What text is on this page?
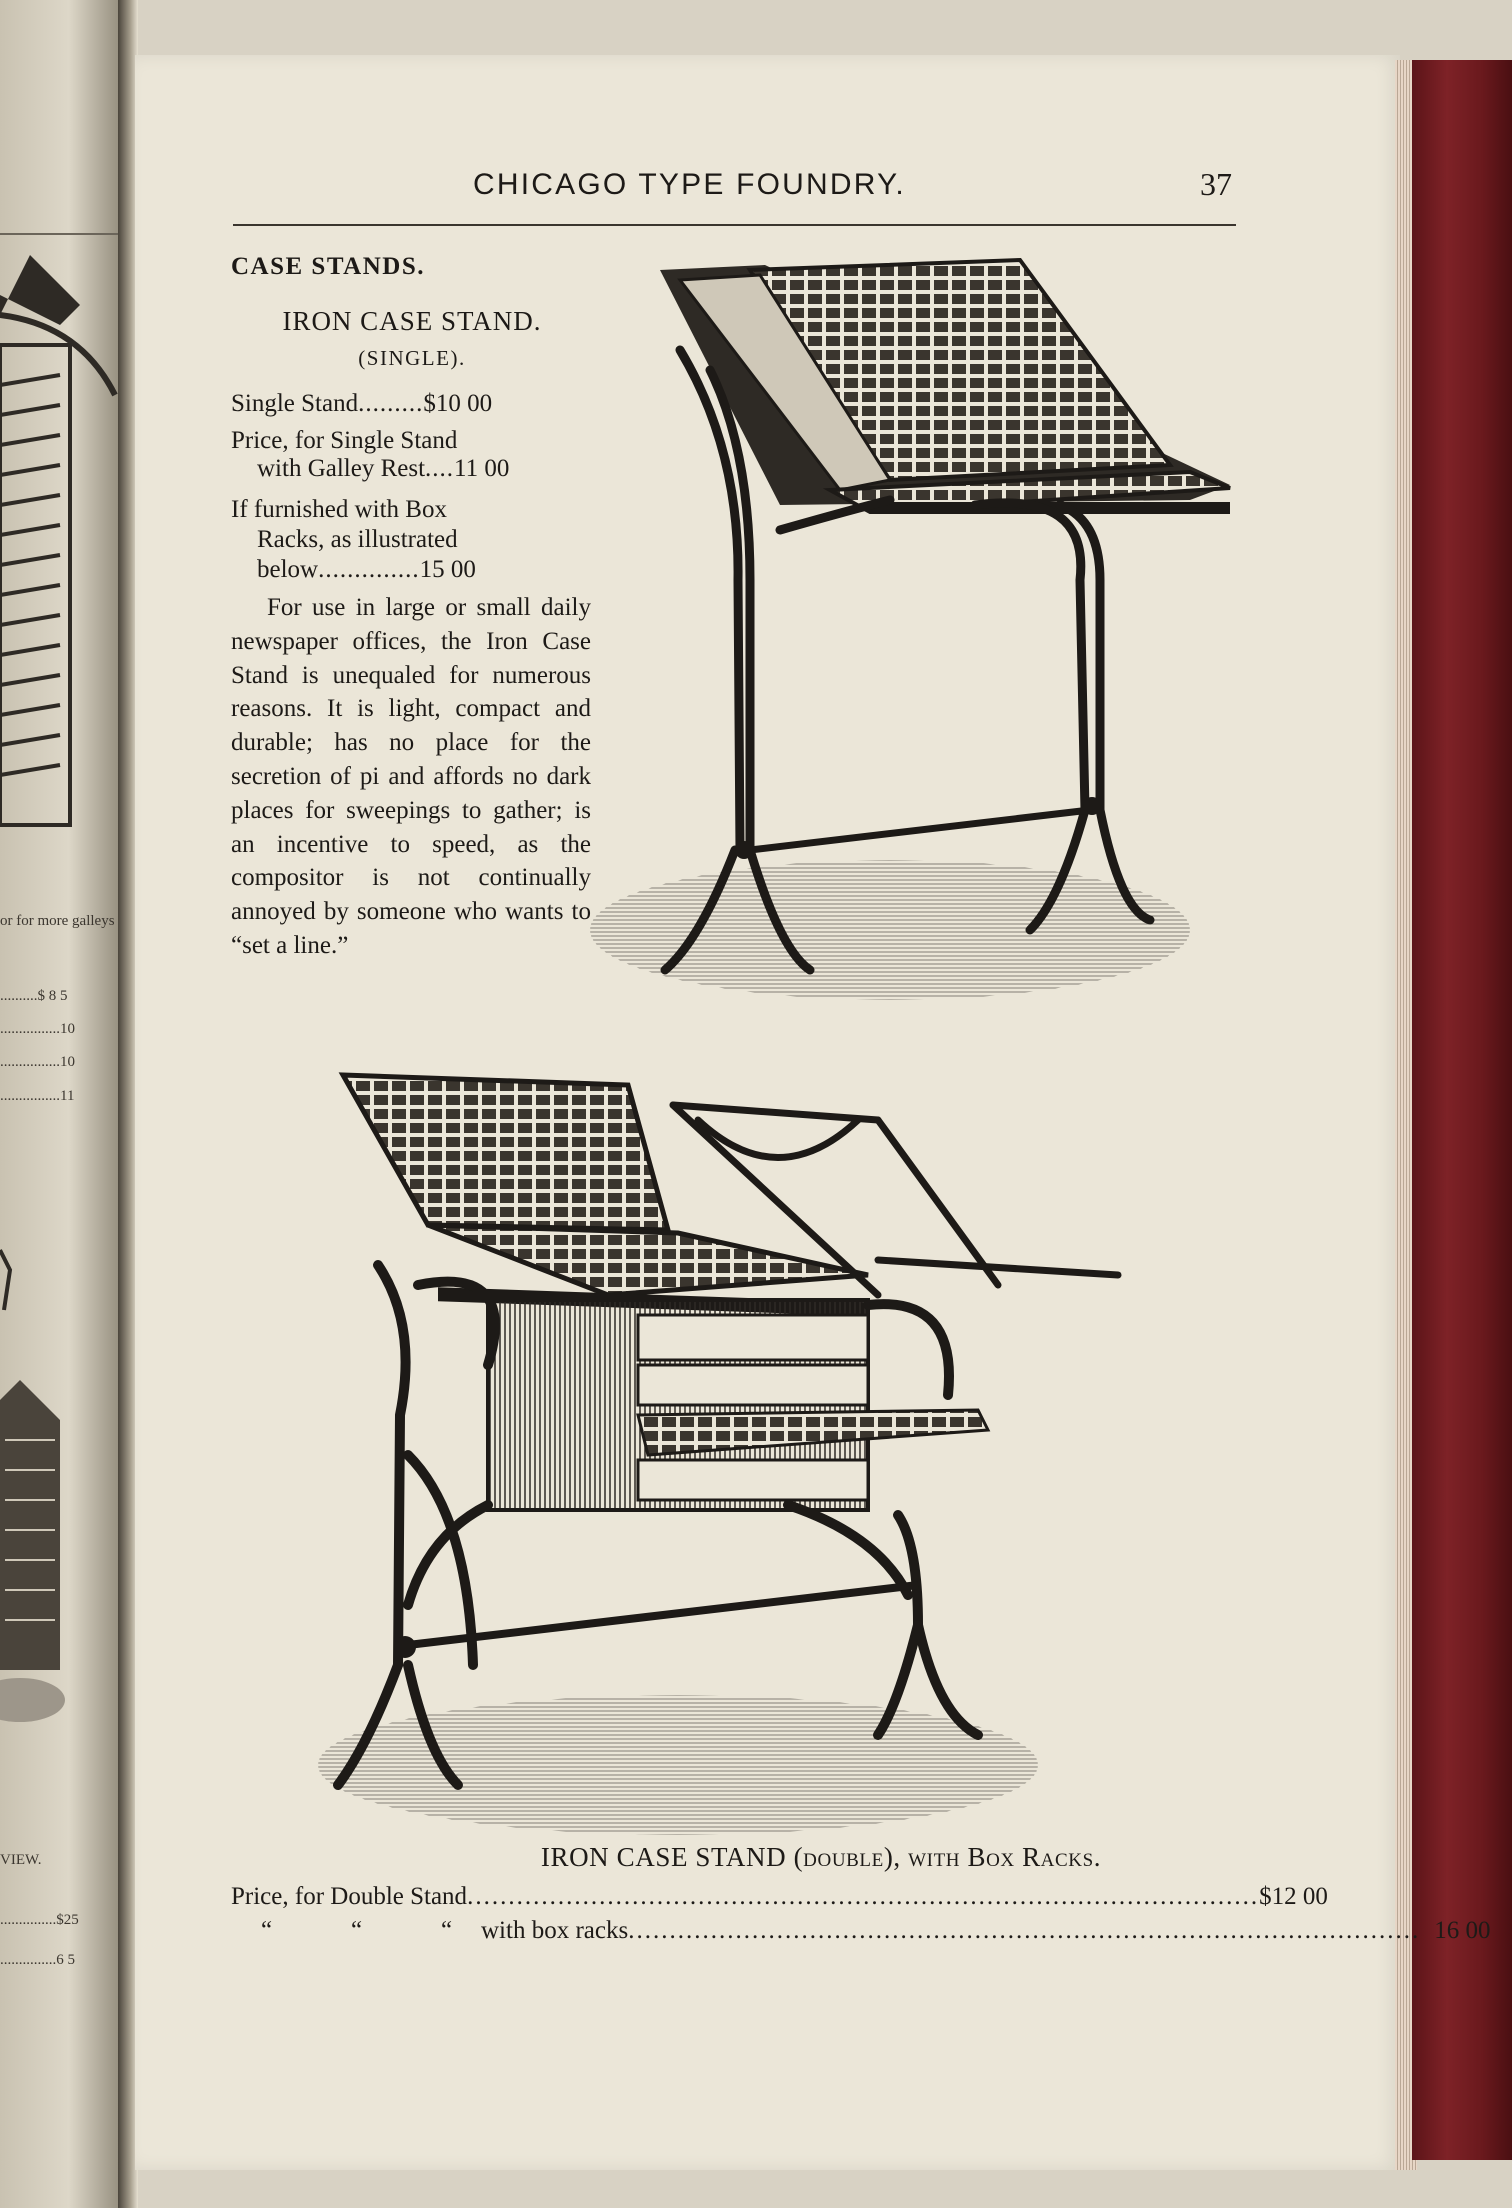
or for more galleys
..........$ 8 5
................10
................10
................11
VIEW.
...............$25
...............6 5
CHICAGO TYPE FOUNDRY.	37
CASE STANDS.
IRON CASE STAND.
(SINGLE).
Single Stand.........$10 00
Price, for Single Stand
with Galley Rest....11 00
If furnished with Box
Racks, as illustrated
below..............15 00

For use in large or small daily newspaper offices, the Iron Case Stand is unequaled for numerous reasons. It is light, compact and durable; has no place for the secretion of pi and affords no dark places for sweepings to gather; is an incentive to speed, as the compositor is not continually annoyed by someone who wants to “set a line.”

IRON CASE STAND (double), with Box Racks.
Price, for Double Stand ................................................................................................ $12 00
“	“	“ with box racks ................................................................................................ 16 00
